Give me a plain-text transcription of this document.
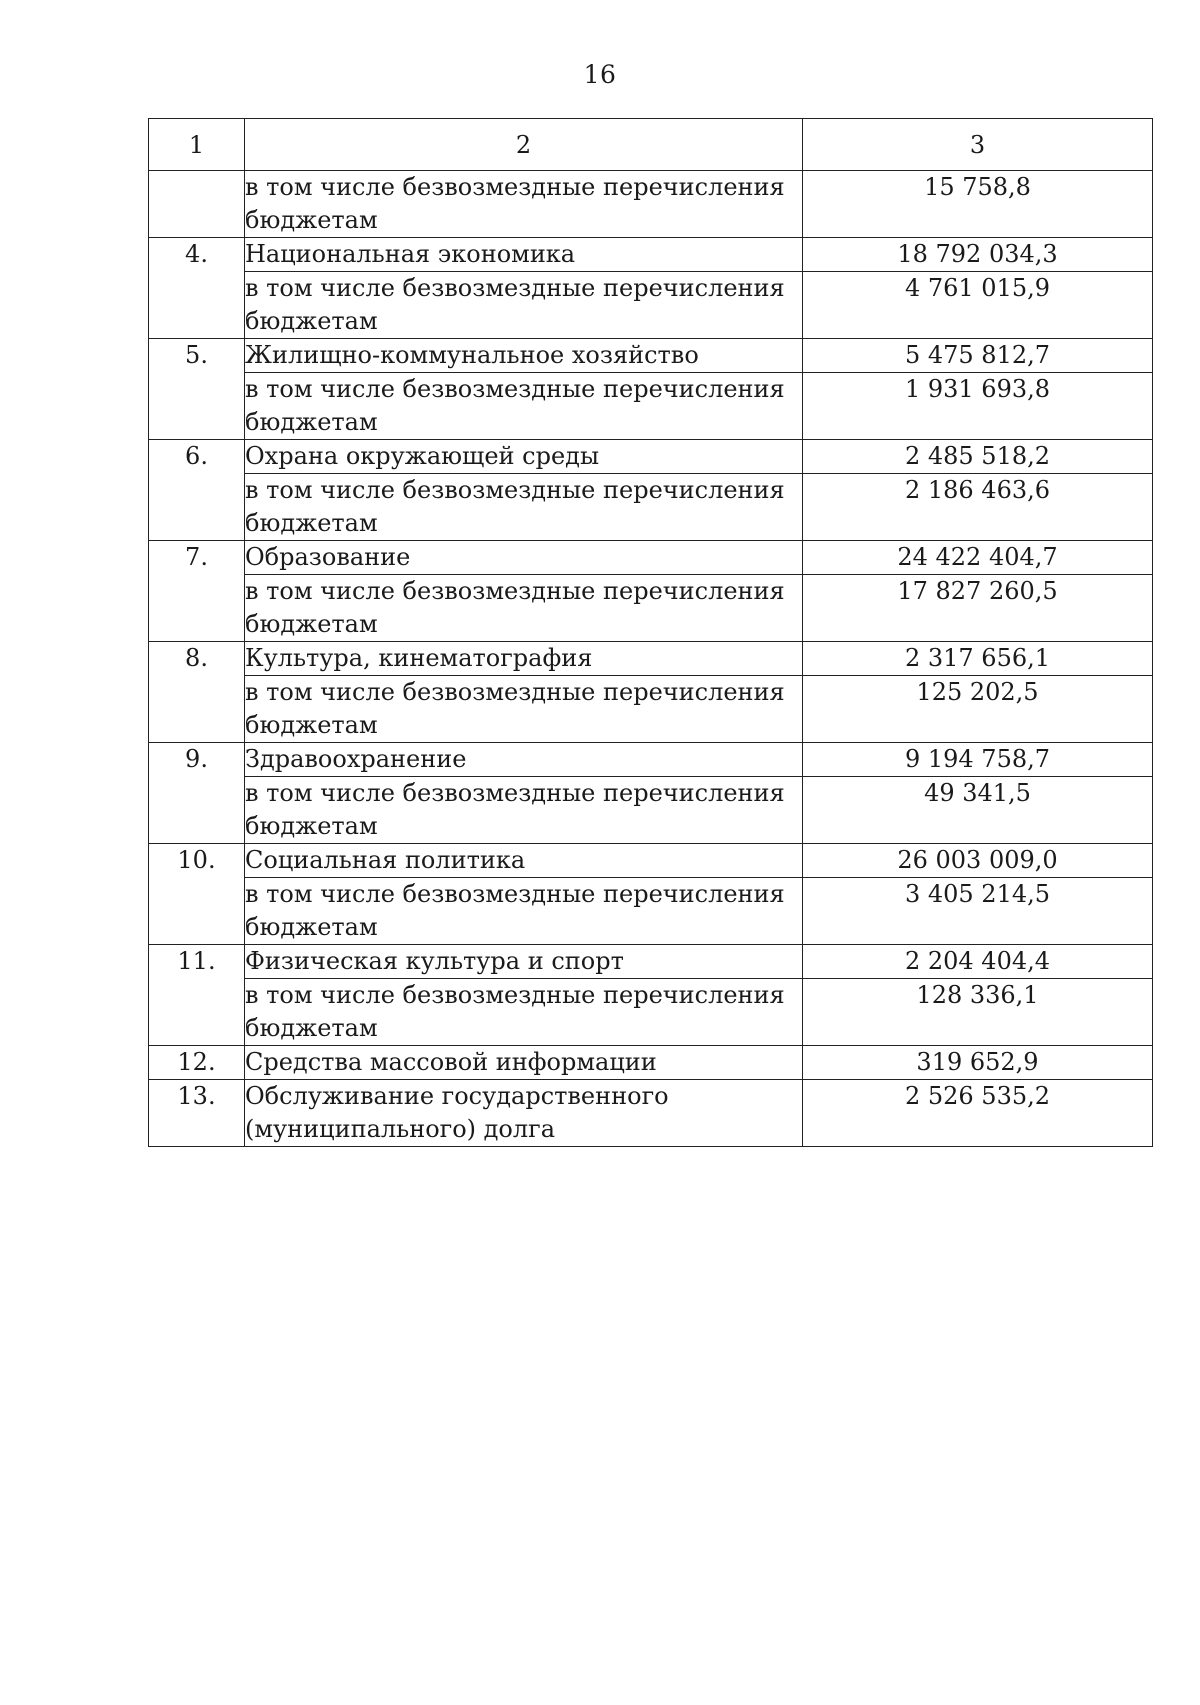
16
1	2	3
	в том числе безвозмездные перечисления бюджетам	15 758,8
4.	Национальная экономика	18 792 034,3
	в том числе безвозмездные перечисления бюджетам	4 761 015,9
5.	Жилищно-коммунальное хозяйство	5 475 812,7
	в том числе безвозмездные перечисления бюджетам	1 931 693,8
6.	Охрана окружающей среды	2 485 518,2
	в том числе безвозмездные перечисления бюджетам	2 186 463,6
7.	Образование	24 422 404,7
	в том числе безвозмездные перечисления бюджетам	17 827 260,5
8.	Культура, кинематография	2 317 656,1
	в том числе безвозмездные перечисления бюджетам	125 202,5
9.	Здравоохранение	9 194 758,7
	в том числе безвозмездные перечисления бюджетам	49 341,5
10.	Социальная политика	26 003 009,0
	в том числе безвозмездные перечисления бюджетам	3 405 214,5
11.	Физическая культура и спорт	2 204 404,4
	в том числе безвозмездные перечисления бюджетам	128 336,1
12.	Средства массовой информации	319 652,9
13.	Обслуживание государственного (муниципального) долга	2 526 535,2
